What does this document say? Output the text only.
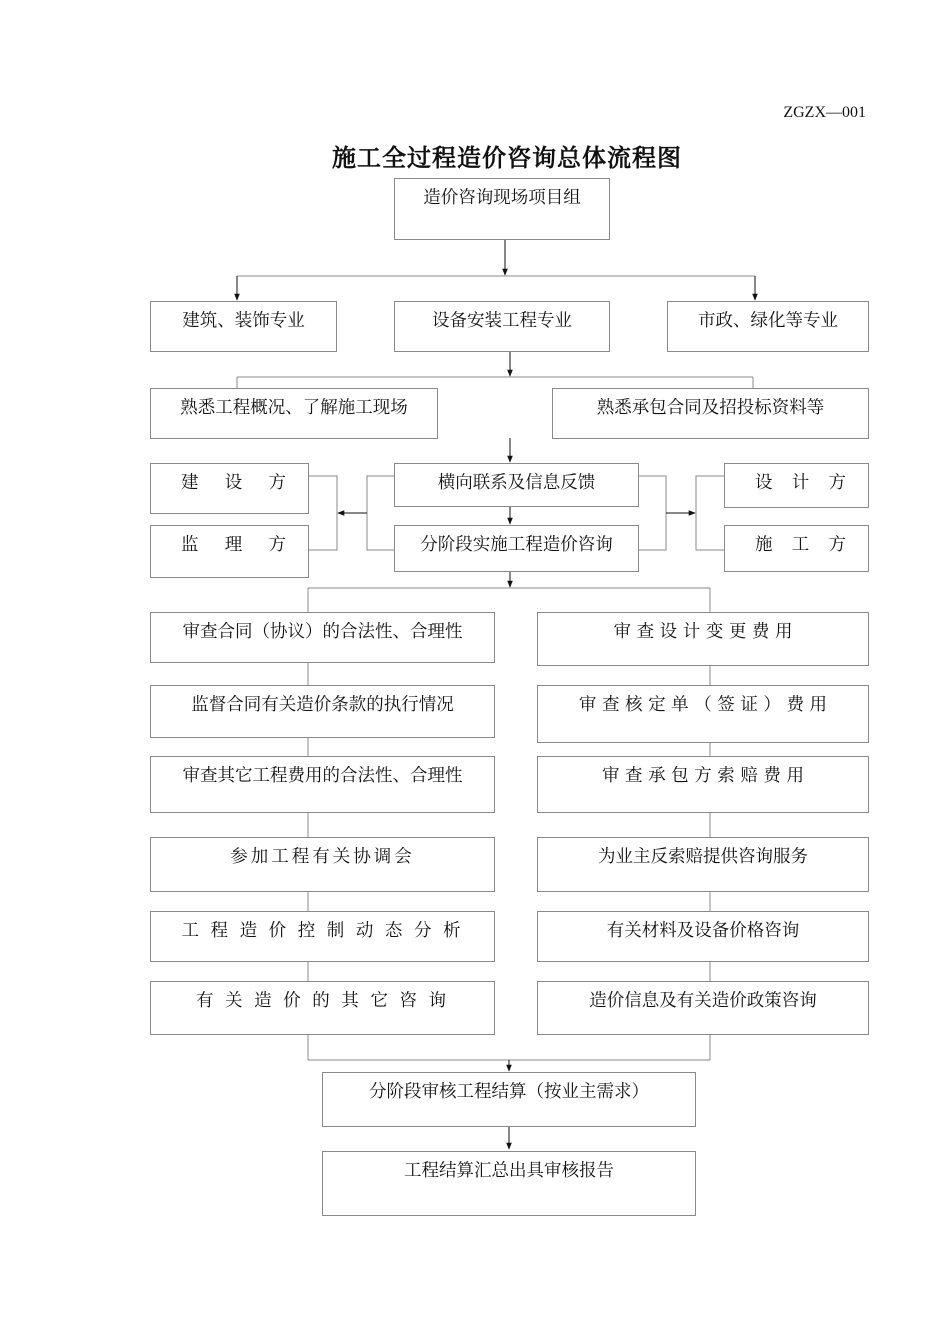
ZGZX—001
施工全过程造价咨询总体流程图
造价咨询现场项目组
建筑、装饰专业	设备安装工程专业	市政、绿化等专业
熟悉工程概况、了解施工现场	熟悉承包合同及招投标资料等
建 设 方
监 理 方
横向联系及信息反馈
分阶段实施工程造价咨询
设 计 方
施 工 方
审查合同（协议）的合法性、合理性
监督合同有关造价条款的执行情况
审查其它工程费用的合法性、合理性
参加工程有关协调会
工 程 造 价 控 制 动 态 分 析
有 关 造 价 的 其 它 咨 询
审 查 设 计 变 更 费 用
审 查 核 定 单 （ 签 证 ） 费 用
审 查 承 包 方 索 赔 费 用
为业主反索赔提供咨询服务
有关材料及设备价格咨询
造价信息及有关造价政策咨询
分阶段审核工程结算（按业主需求）
工程结算汇总出具审核报告
